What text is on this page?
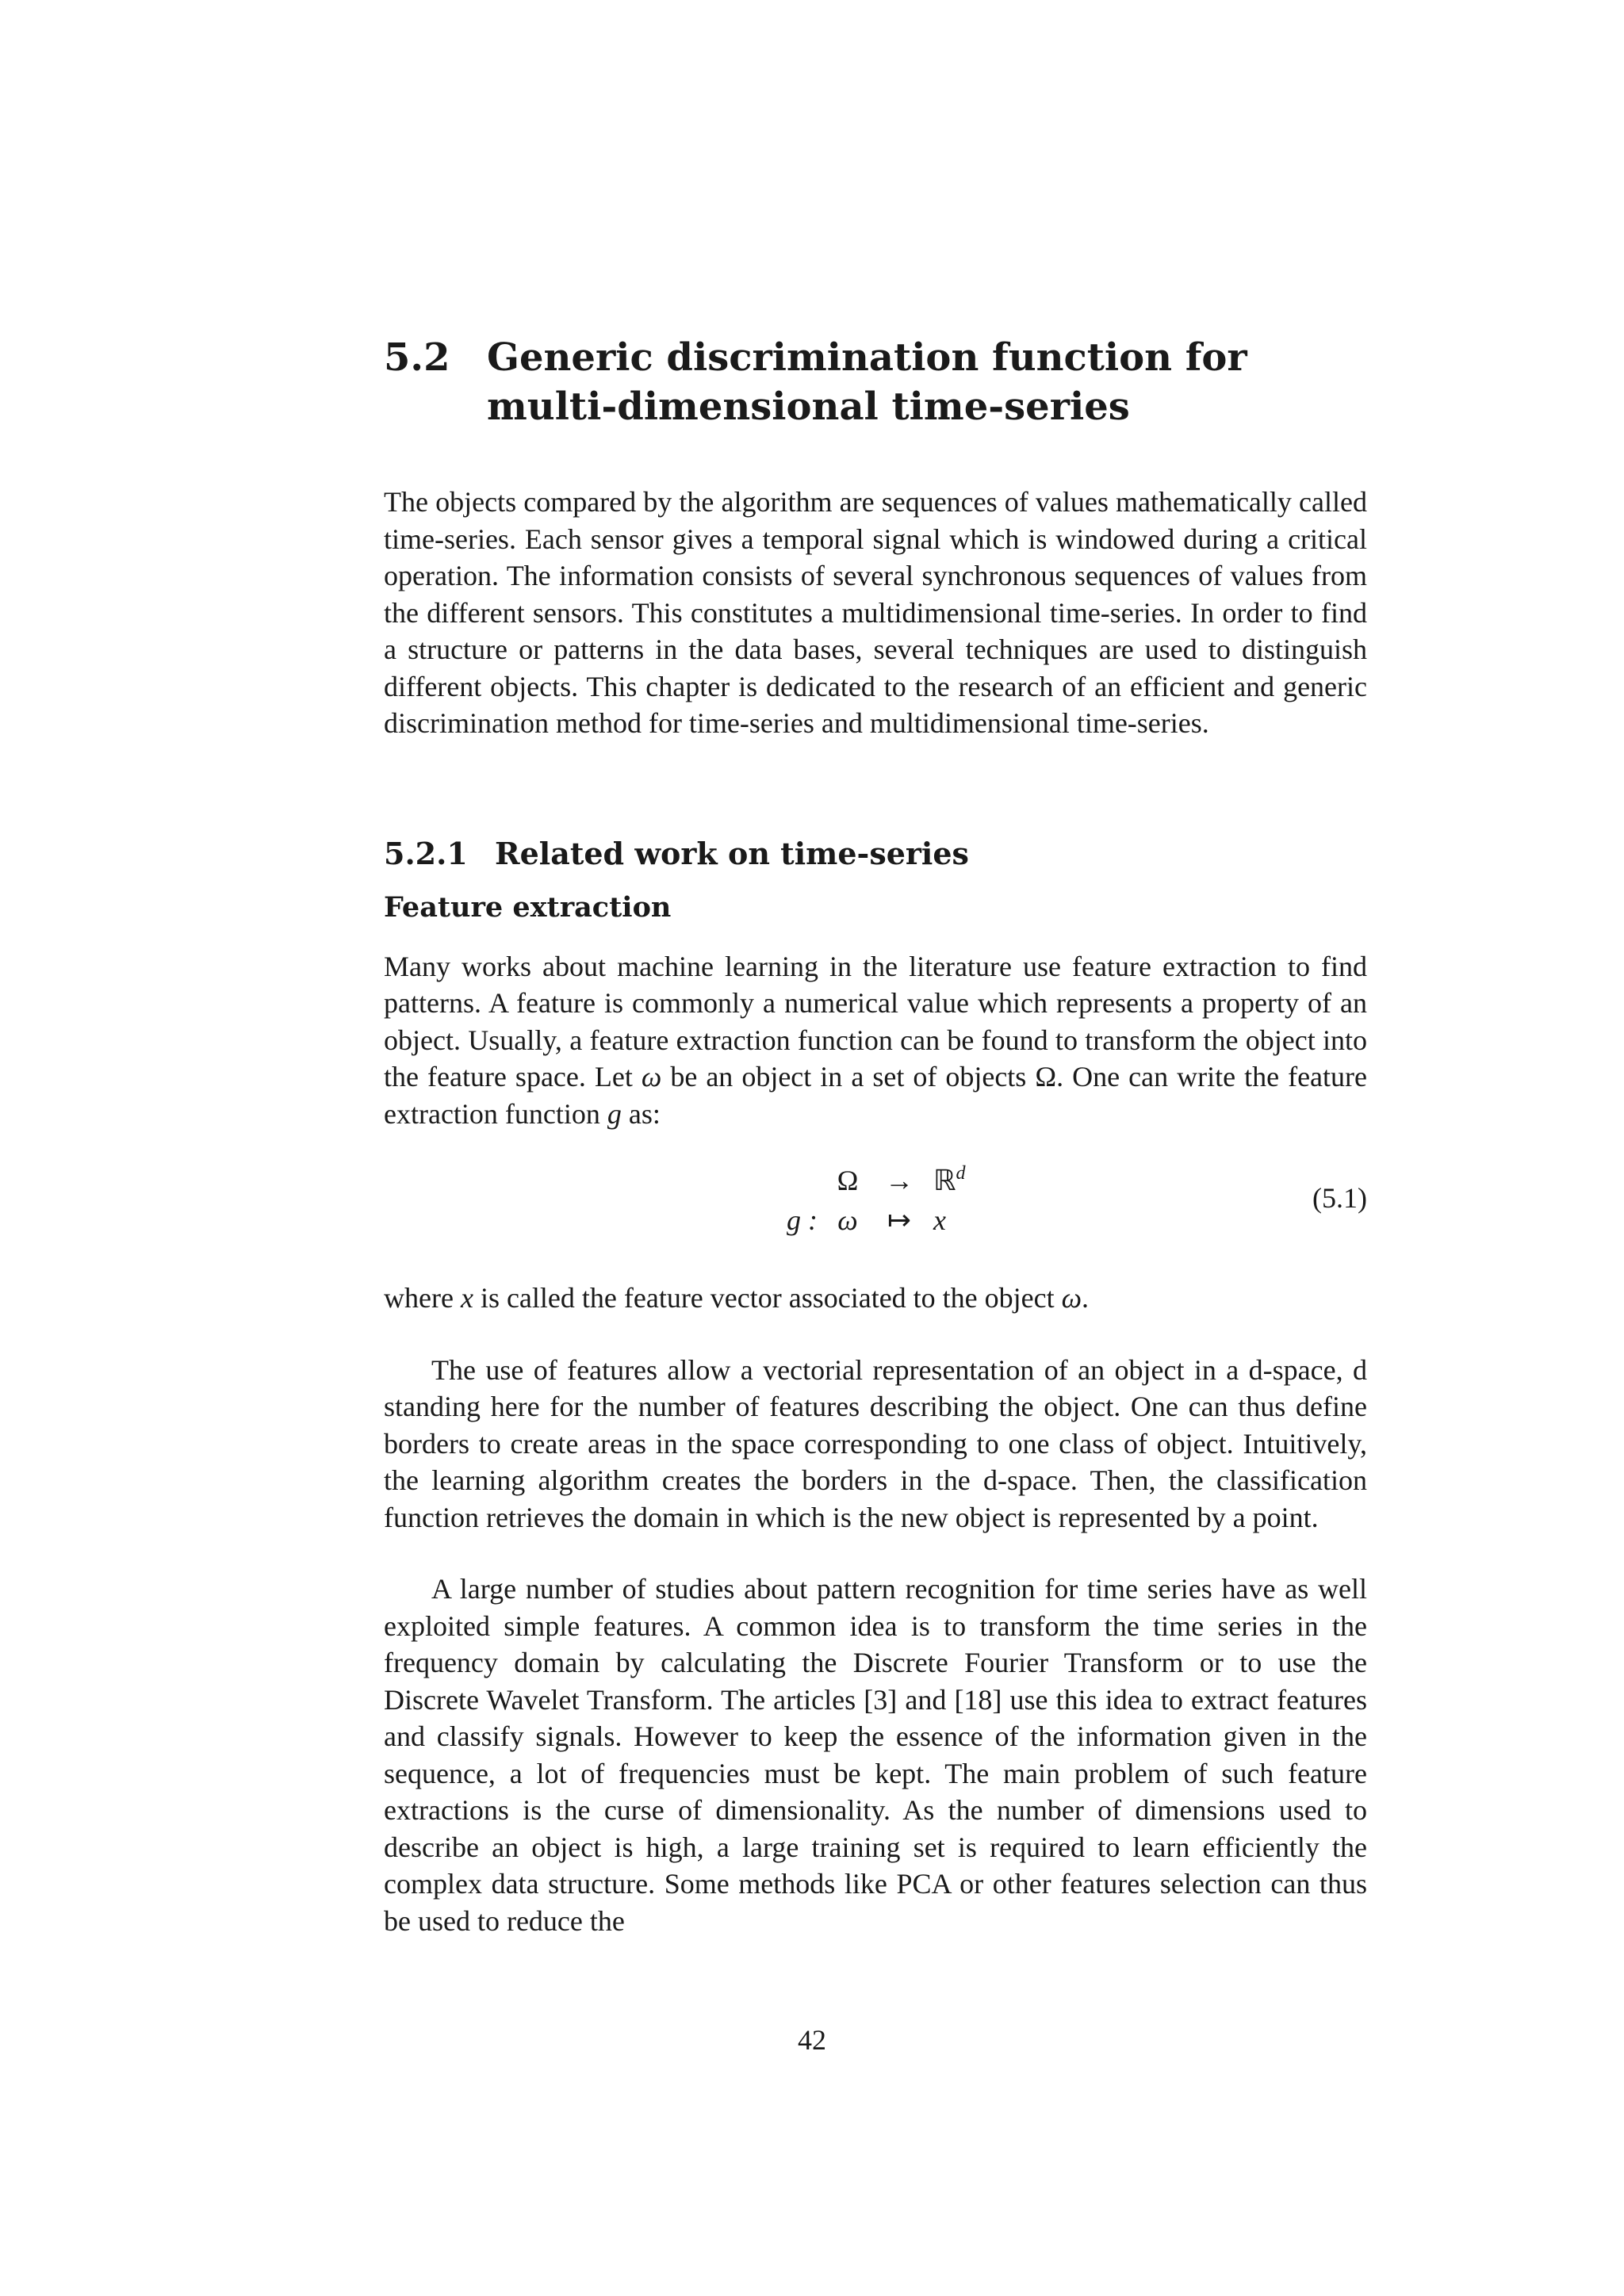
5.2 Generic discrimination function for multi-dimensional time-series

The objects compared by the algorithm are sequences of values mathematically called time-series. Each sensor gives a temporal signal which is windowed during a critical operation. The information consists of several synchronous sequences of values from the different sensors. This constitutes a multidimensional time-series. In order to find a structure or patterns in the data bases, several techniques are used to distinguish different objects. This chapter is dedicated to the research of an efficient and generic discrimination method for time-series and multidimensional time-series.

5.2.1 Related work on time-series
Feature extraction

Many works about machine learning in the literature use feature extraction to find patterns. A feature is commonly a numerical value which represents a property of an object. Usually, a feature extraction function can be found to transform the object into the feature space. Let ω be an object in a set of objects Ω. One can write the feature extraction function g as:

Ω → ℝ$^d$
g : ω	↦ x
(5.1)

where x is called the feature vector associated to the object ω.

The use of features allow a vectorial representation of an object in a d-space, d standing here for the number of features describing the object. One can thus define borders to create areas in the space corresponding to one class of object. Intuitively, the learning algorithm creates the borders in the d-space. Then, the classification function retrieves the domain in which is the new object is represented by a point.

A large number of studies about pattern recognition for time series have as well exploited simple features. A common idea is to transform the time series in the frequency domain by calculating the Discrete Fourier Transform or to use the Discrete Wavelet Transform. The articles [3] and [18] use this idea to extract features and classify signals. However to keep the essence of the information given in the sequence, a lot of frequencies must be kept. The main problem of such feature extractions is the curse of dimensionality. As the number of dimensions used to describe an object is high, a large training set is required to learn efficiently the complex data structure. Some methods like PCA or other features selection can thus be used to reduce the

42
